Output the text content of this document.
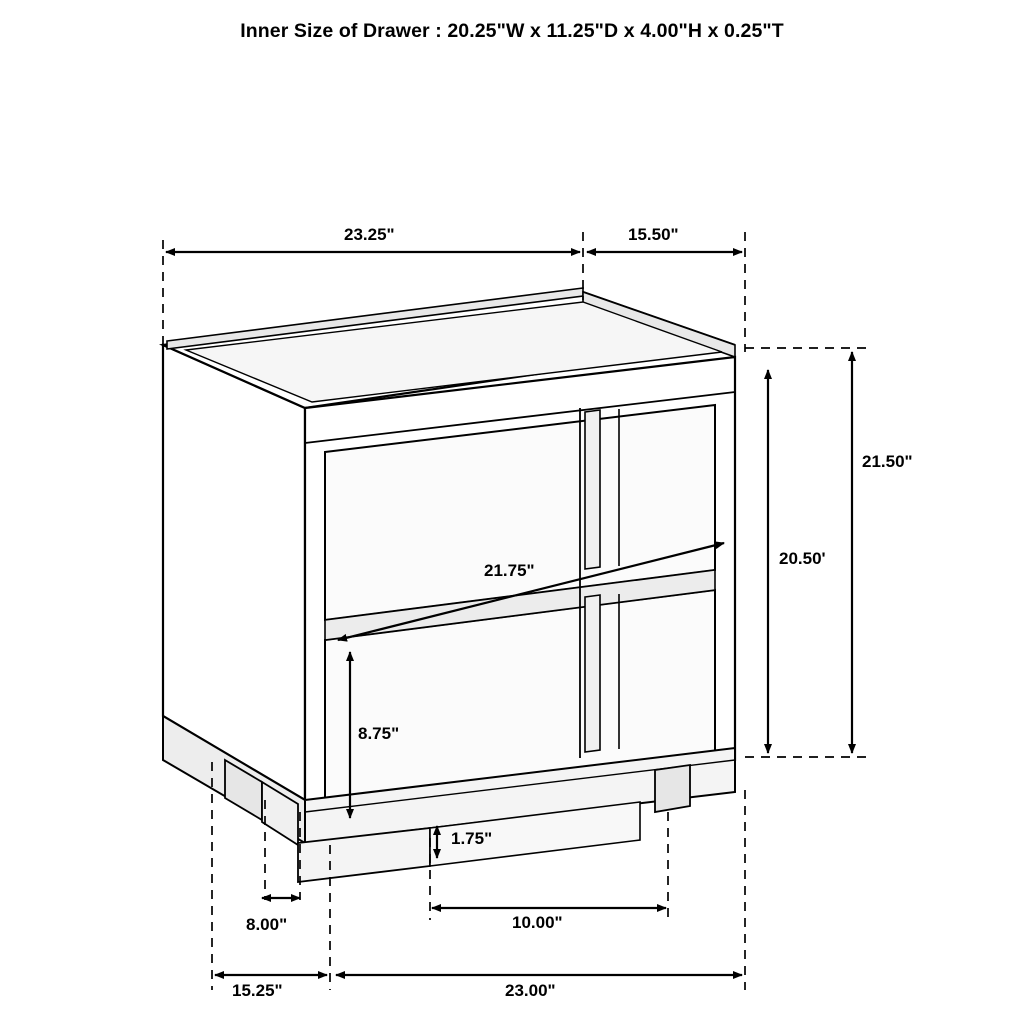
Inner Size of Drawer : 20.25"W x 11.25"D x 4.00"H x 0.25"T
23.25"	15.50"
21.50"
20.50'
21.75"
8.75"
1.75"
8.00"	10.00"
15.25"	23.00"
